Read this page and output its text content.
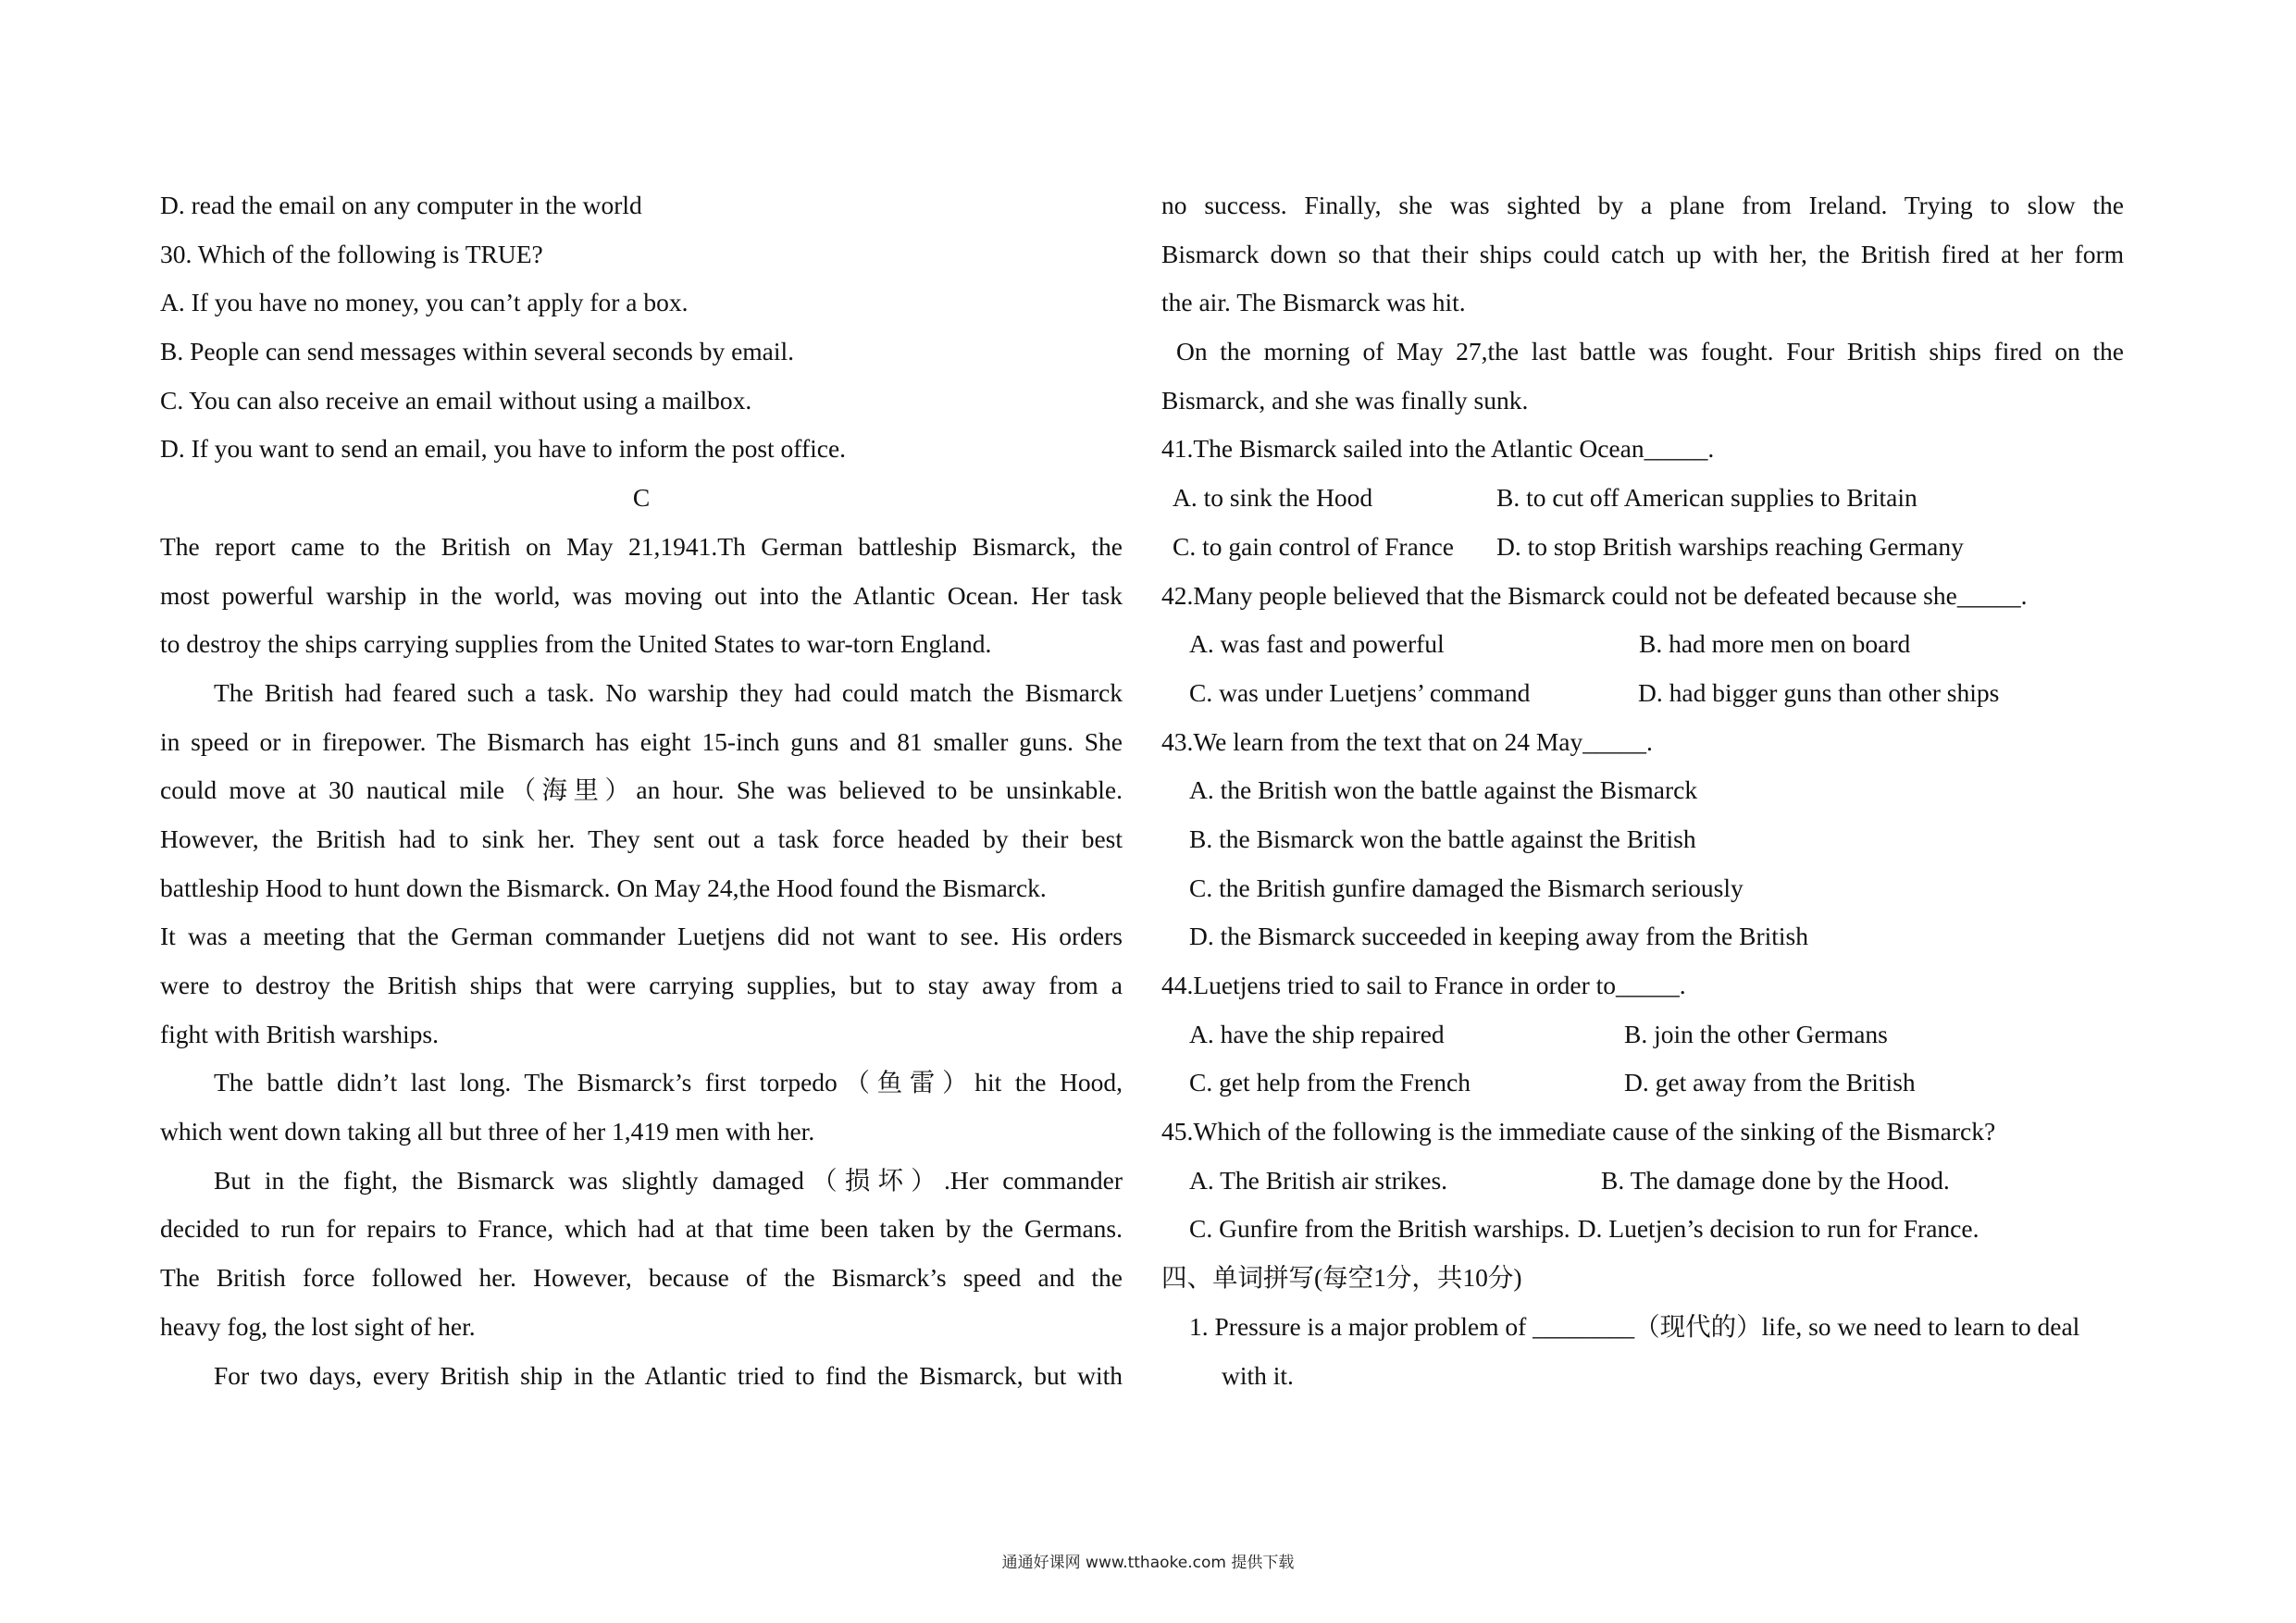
D. read the email on any computer in the world
30. Which of the following is TRUE?
A. If you have no money, you can’t apply for a box.
B. People can send messages within several seconds by email.
C. You can also receive an email without using a mailbox.
D. If you want to send an email, you have to inform the post office.
C
The report came to the British on May 21,1941.Th German battleship Bismarck, the
most powerful warship in the world, was moving out into the Atlantic Ocean. Her task
to destroy the ships carrying supplies from the United States to war-torn England.
The British had feared such a task. No warship they had could match the Bismarck
in speed or in firepower. The Bismarch has eight 15-inch guns and 81 smaller guns. She
could move at 30 nautical mile（海里）an hour. She was believed to be unsinkable.
However, the British had to sink her. They sent out a task force headed by their best
battleship Hood to hunt down the Bismarck. On May 24,the Hood found the Bismarck.
It was a meeting that the German commander Luetjens did not want to see. His orders
were to destroy the British ships that were carrying supplies, but to stay away from a
fight with British warships.
The battle didn’t last long. The Bismarck’s first torpedo（鱼雷）hit the Hood,
which went down taking all but three of her 1,419 men with her.
But in the fight, the Bismarck was slightly damaged（损坏）.Her commander
decided to run for repairs to France, which had at that time been taken by the Germans.
The British force followed her. However, because of the Bismarck’s speed and the
heavy fog, the lost sight of her.
For two days, every British ship in the Atlantic tried to find the Bismarck, but with
no success. Finally, she was sighted by a plane from Ireland. Trying to slow the
Bismarck down so that their ships could catch up with her, the British fired at her form
the air. The Bismarck was hit.
On the morning of May 27,the last battle was fought. Four British ships fired on the
Bismarck, and she was finally sunk.
41.The Bismarck sailed into the Atlantic Ocean_____.
A. to sink the Hood	B. to cut off American supplies to Britain
C. to gain control of France	D. to stop British warships reaching Germany
42.Many people believed that the Bismarck could not be defeated because she_____.
A. was fast and powerful	B. had more men on board
C. was under Luetjens’ command	D. had bigger guns than other ships
43.We learn from the text that on 24 May_____.
A. the British won the battle against the Bismarck
B. the Bismarck won the battle against the British
C. the British gunfire damaged the Bismarch seriously
D. the Bismarck succeeded in keeping away from the British
44.Luetjens tried to sail to France in order to_____.
A. have the ship repaired	B. join the other Germans
C. get help from the French	D. get away from the British
45.Which of the following is the immediate cause of the sinking of the Bismarck?
A. The British air strikes.	B. The damage done by the Hood.
C. Gunfire from the British warships. D. Luetjen’s decision to run for France.
四、单词拼写(每空1分，共10分)
1. Pressure is a major problem of ________（现代的）life, so we need to learn to deal
with it.
通通好课网 www.tthaoke.com 提供下载
